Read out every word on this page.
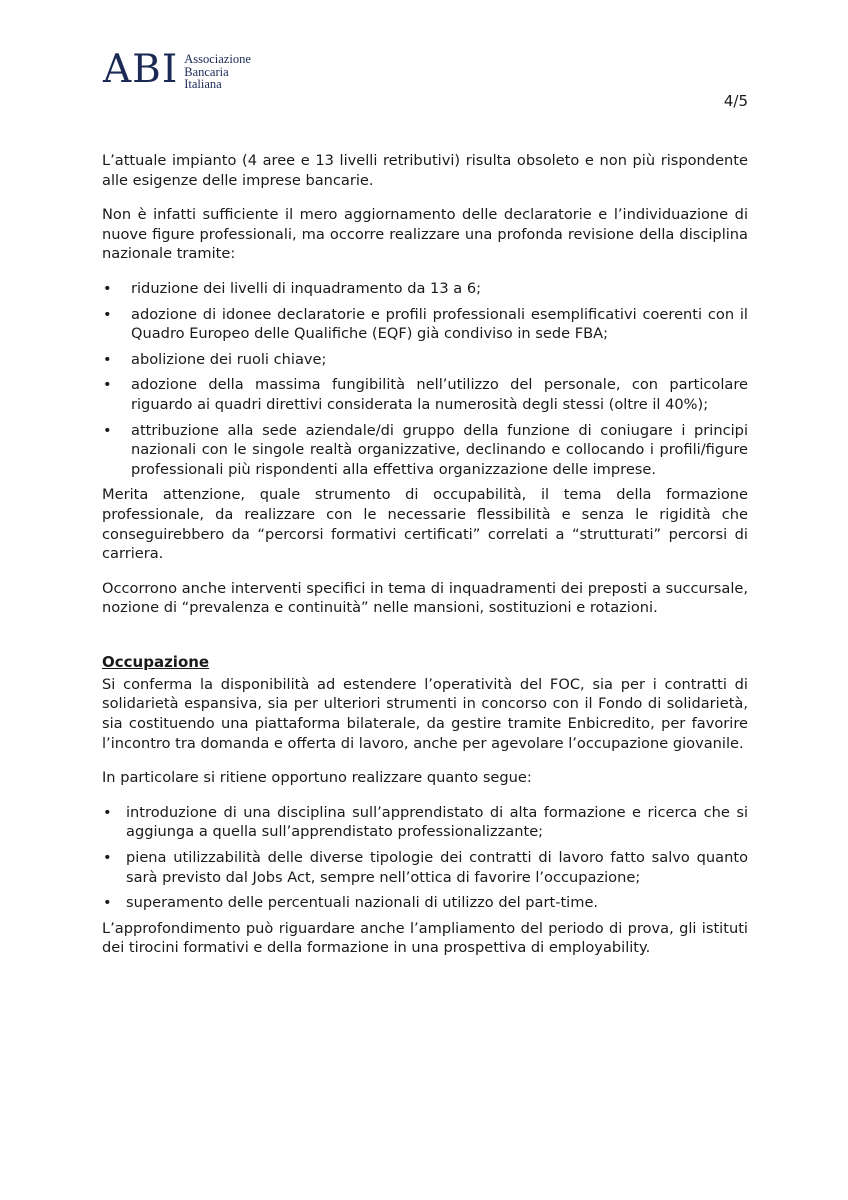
ABI Associazione
Bancaria
Italiana
4/5

L’attuale impianto (4 aree e 13 livelli retributivi) risulta obsoleto e non più rispondente alle esigenze delle imprese bancarie.

Non è infatti sufficiente il mero aggiornamento delle declaratorie e l’individuazione di nuove figure professionali, ma occorre realizzare una profonda revisione della disciplina nazionale tramite:

• riduzione dei livelli di inquadramento da 13 a 6;
• adozione di idonee declaratorie e profili professionali esemplificativi coerenti con il Quadro Europeo delle Qualifiche (EQF) già condiviso in sede FBA;
• abolizione dei ruoli chiave;
• adozione della massima fungibilità nell’utilizzo del personale, con particolare riguardo ai quadri direttivi considerata la numerosità degli stessi (oltre il 40%);
• attribuzione alla sede aziendale/di gruppo della funzione di coniugare i principi nazionali con le singole realtà organizzative, declinando e collocando i profili/figure professionali più rispondenti alla effettiva organizzazione delle imprese.

Merita attenzione, quale strumento di occupabilità, il tema della formazione professionale, da realizzare con le necessarie flessibilità e senza le rigidità che conseguirebbero da “percorsi formativi certificati” correlati a “strutturati” percorsi di carriera.

Occorrono anche interventi specifici in tema di inquadramenti dei preposti a succursale, nozione di “prevalenza e continuità” nelle mansioni, sostituzioni e rotazioni.

Occupazione

Si conferma la disponibilità ad estendere l’operatività del FOC, sia per i contratti di solidarietà espansiva, sia per ulteriori strumenti in concorso con il Fondo di solidarietà, sia costituendo una piattaforma bilaterale, da gestire tramite Enbicredito, per favorire l’incontro tra domanda e offerta di lavoro, anche per agevolare l’occupazione giovanile.

In particolare si ritiene opportuno realizzare quanto segue:

• introduzione di una disciplina sull’apprendistato di alta formazione e ricerca che si aggiunga a quella sull’apprendistato professionalizzante;
• piena utilizzabilità delle diverse tipologie dei contratti di lavoro fatto salvo quanto sarà previsto dal Jobs Act, sempre nell’ottica di favorire l’occupazione;
• superamento delle percentuali nazionali di utilizzo del part-time.

L’approfondimento può riguardare anche l’ampliamento del periodo di prova, gli istituti dei tirocini formativi e della formazione in una prospettiva di employability.
